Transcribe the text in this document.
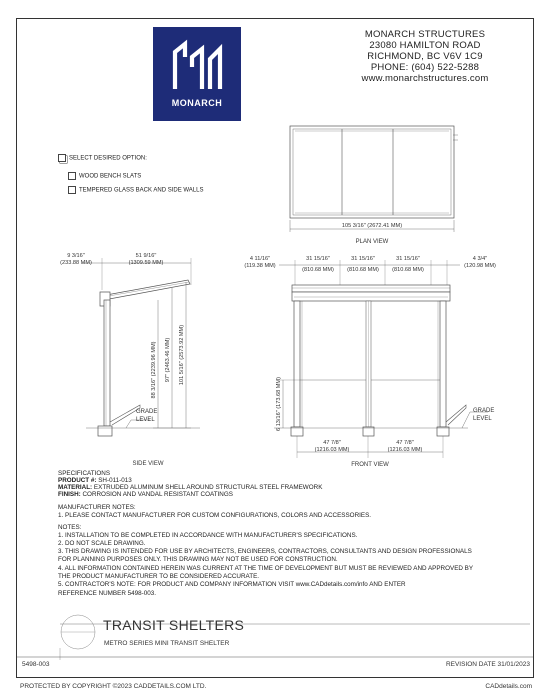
MONARCH
MONARCH STRUCTURES
23080 HAMILTON ROAD
RICHMOND, BC V6V 1C9
PHONE: (604) 522-5288
www.monarchstructures.com
SELECT DESIRED OPTION:
WOOD BENCH SLATS
TEMPERED GLASS BACK AND SIDE WALLS
105 3/16" (2672.41 MM)
PLAN VIEW
9 3/16"
(233.88 MM)
51 9/16"
(1309.59 MM)
88 3/16" (2239.96 MM) 97" (2463.46 MM) 101 5/16" (2573.92 MM)
GRADE
LEVEL
SIDE VIEW
4 11/16"
(119.38 MM)
31 15/16"
(810.68 MM)
31 15/16"
(810.68 MM)
31 15/16"
(810.68 MM)
4 3/4"
(120.98 MM)
6 13/16" (173.68 MM)
47 7/8"
(1216.03 MM)
47 7/8"
(1216.03 MM)
GRADE
LEVEL
FRONT VIEW
SPECIFICATIONS
PRODUCT #: SH-011-013
MATERIAL: EXTRUDED ALUMINUM SHELL AROUND STRUCTURAL STEEL FRAMEWORK
FINISH: CORROSION AND VANDAL RESISTANT COATINGS
MANUFACTURER NOTES:
1. PLEASE CONTACT MANUFACTURER FOR CUSTOM CONFIGURATIONS, COLORS AND ACCESSORIES.
NOTES:
1. INSTALLATION TO BE COMPLETED IN ACCORDANCE WITH MANUFACTURER'S SPECIFICATIONS.
2. DO NOT SCALE DRAWING.
3. THIS DRAWING IS INTENDED FOR USE BY ARCHITECTS, ENGINEERS, CONTRACTORS, CONSULTANTS AND DESIGN PROFESSIONALS
FOR PLANNING PURPOSES ONLY. THIS DRAWING MAY NOT BE USED FOR CONSTRUCTION.
4. ALL INFORMATION CONTAINED HEREIN WAS CURRENT AT THE TIME OF DEVELOPMENT BUT MUST BE REVIEWED AND APPROVED BY
THE PRODUCT MANUFACTURER TO BE CONSIDERED ACCURATE.
5. CONTRACTOR'S NOTE: FOR PRODUCT AND COMPANY INFORMATION VISIT www.CADdetails.com/info AND ENTER
REFERENCE NUMBER 5498-003.
TRANSIT SHELTERS
METRO SERIES MINI TRANSIT SHELTER
5498-003	REVISION DATE 31/01/2023
PROTECTED BY COPYRIGHT ©2023 CADDETAILS.COM LTD.	CADdetails.com
